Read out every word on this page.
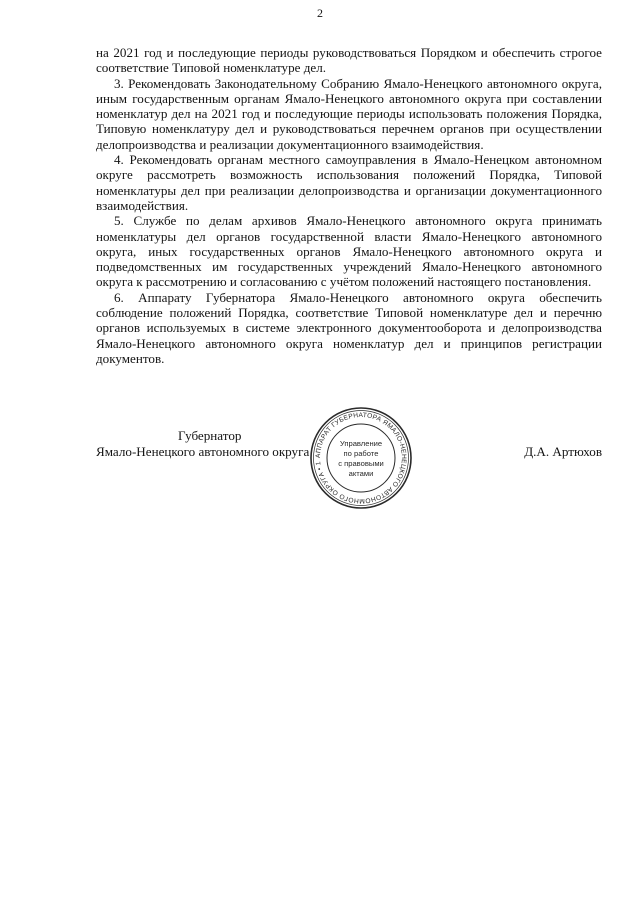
2

на 2021 год и последующие периоды руководствоваться Порядком и обеспечить строгое соответствие Типовой номенклатуре дел.

3. Рекомендовать Законодательному Собранию Ямало-Ненецкого автономного округа, иным государственным органам Ямало-Ненецкого автономного округа при составлении номенклатур дел на 2021 год и последующие периоды использовать положения Порядка, Типовую номенклатуру дел и руководствоваться перечнем органов при осуществлении делопроизводства и реализации документационного взаимодействия.

4. Рекомендовать органам местного самоуправления в Ямало-Ненецком автономном округе рассмотреть возможность использования положений Порядка, Типовой номенклатуры дел при реализации делопроизводства и организации документационного взаимодействия.

5. Службе по делам архивов Ямало-Ненецкого автономного округа принимать номенклатуры дел органов государственной власти Ямало-Ненецкого автономного округа, иных государственных органов Ямало-Ненецкого автономного округа и подведомственных им государственных учреждений Ямало-Ненецкого автономного округа к рассмотрению и согласованию с учётом положений настоящего постановления.

6. Аппарату Губернатора Ямало-Ненецкого автономного округа обеспечить соблюдение положений Порядка, соответствие Типовой номенклатуре дел и перечню органов используемых в системе электронного документооборота и делопроизводства Ямало-Ненецкого автономного округа номенклатур дел и принципов регистрации документов.

Губернатор
Ямало-Ненецкого автономного округа	Д.А. Артюхов
АППАРАТ ГУБЕРНАТОРА ЯМАЛО-НЕНЕЦКОГО АВТОНОМНОГО ОКРУГА • 1
Управление
по работе
с правовыми
актами
